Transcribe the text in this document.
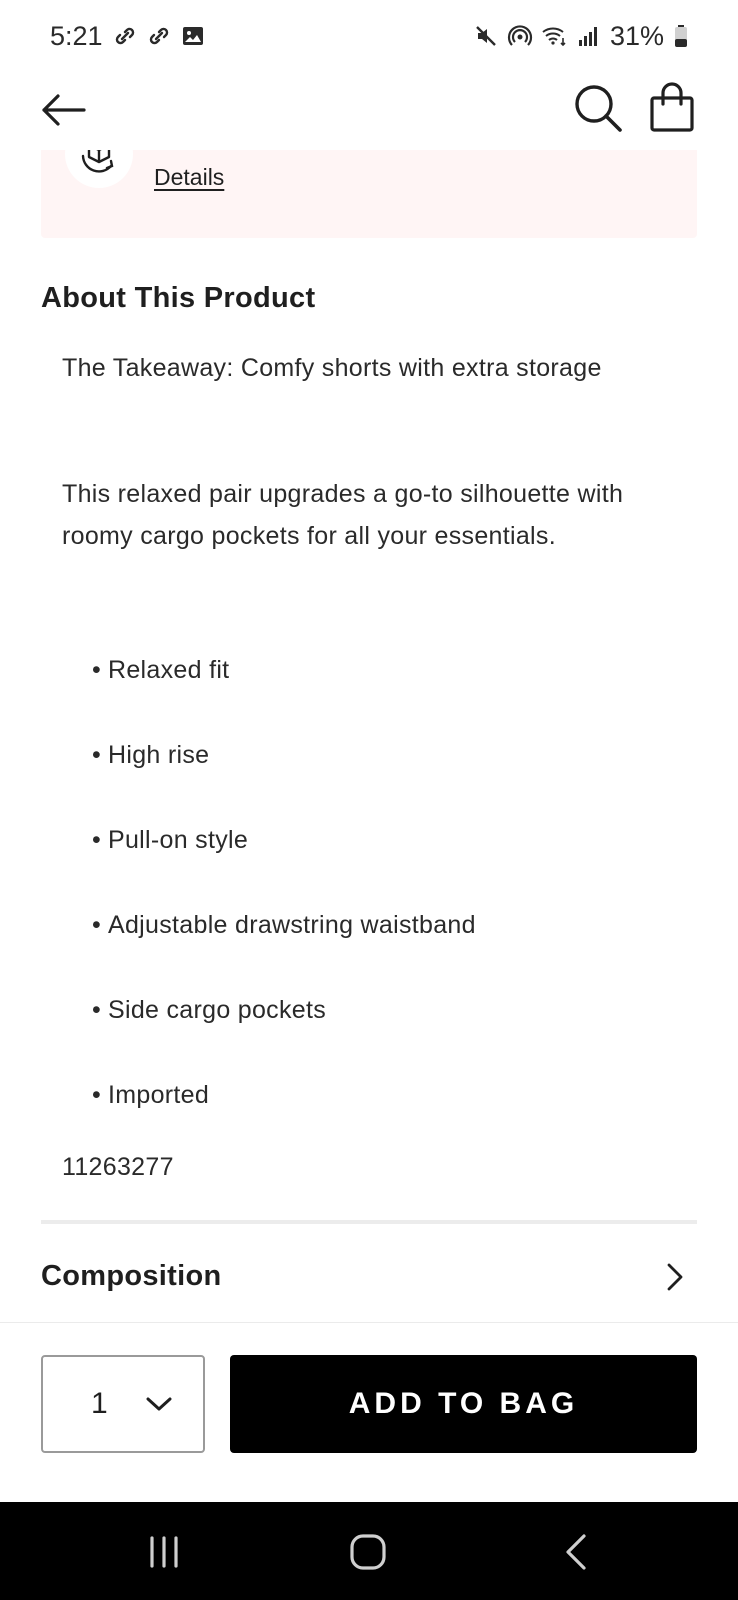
5:21	31%
Details
About This Product
The Takeaway: Comfy shorts with extra storage
This relaxed pair upgrades a go-to silhouette with roomy cargo pockets for all your essentials.
• Relaxed fit
• High rise
• Pull-on style
• Adjustable drawstring waistband
• Side cargo pockets
• Imported
11263277
Composition
1	ADD TO BAG
